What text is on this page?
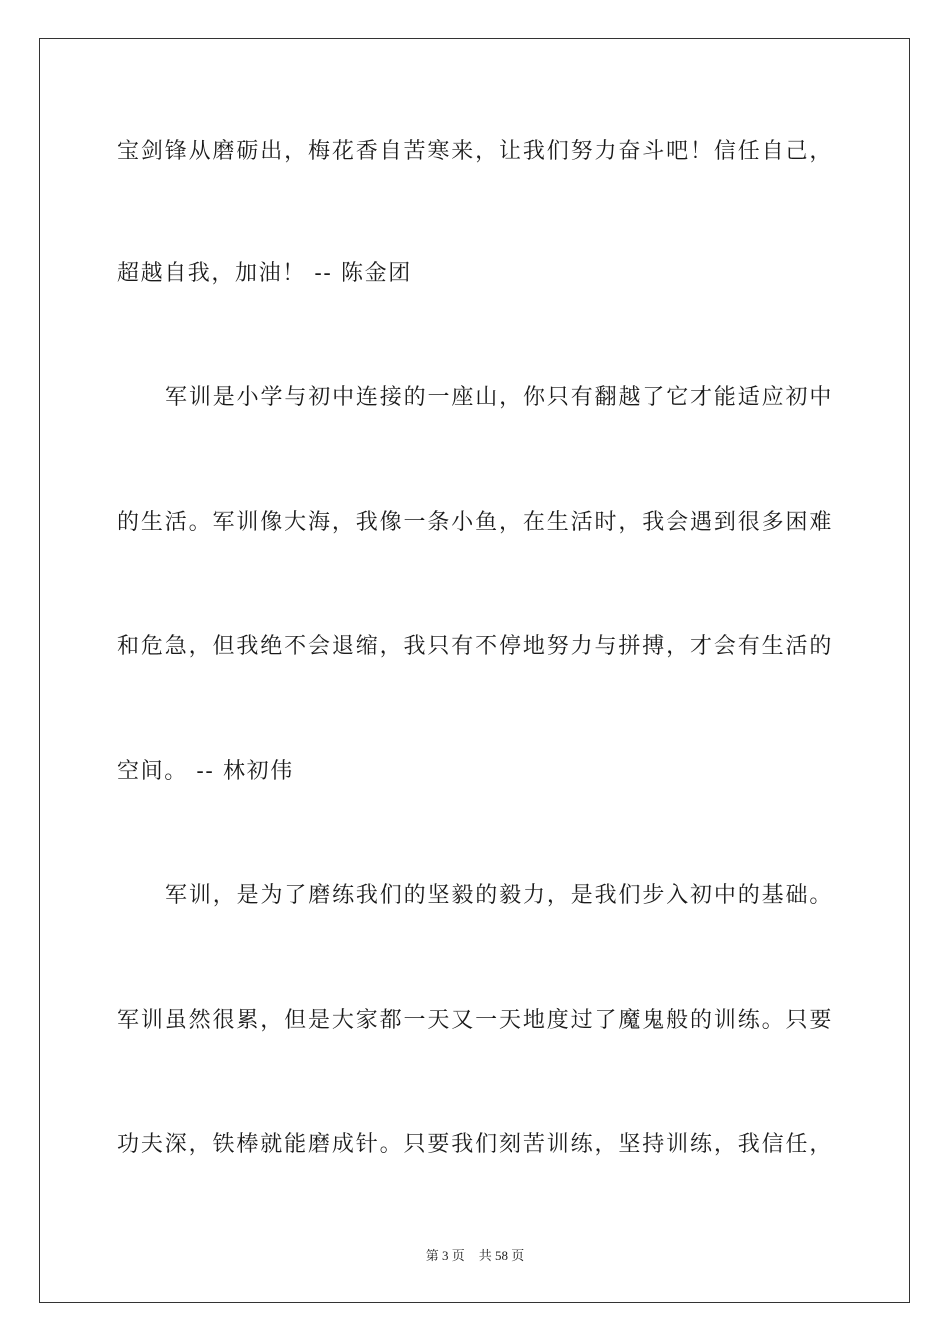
宝剑锋从磨砺出，梅花香自苦寒来，让我们努力奋斗吧！信任自己，
超越自我，加油！ -- 陈金团
军训是小学与初中连接的一座山，你只有翻越了它才能适应初中
的生活。军训像大海，我像一条小鱼，在生活时，我会遇到很多困难
和危急，但我绝不会退缩，我只有不停地努力与拼搏，才会有生活的
空间。 -- 林初伟
军训，是为了磨练我们的坚毅的毅力，是我们步入初中的基础。
军训虽然很累，但是大家都一天又一天地度过了魔鬼般的训练。只要
功夫深，铁棒就能磨成针。只要我们刻苦训练，坚持训练，我信任，
第 3 页 共 58 页
